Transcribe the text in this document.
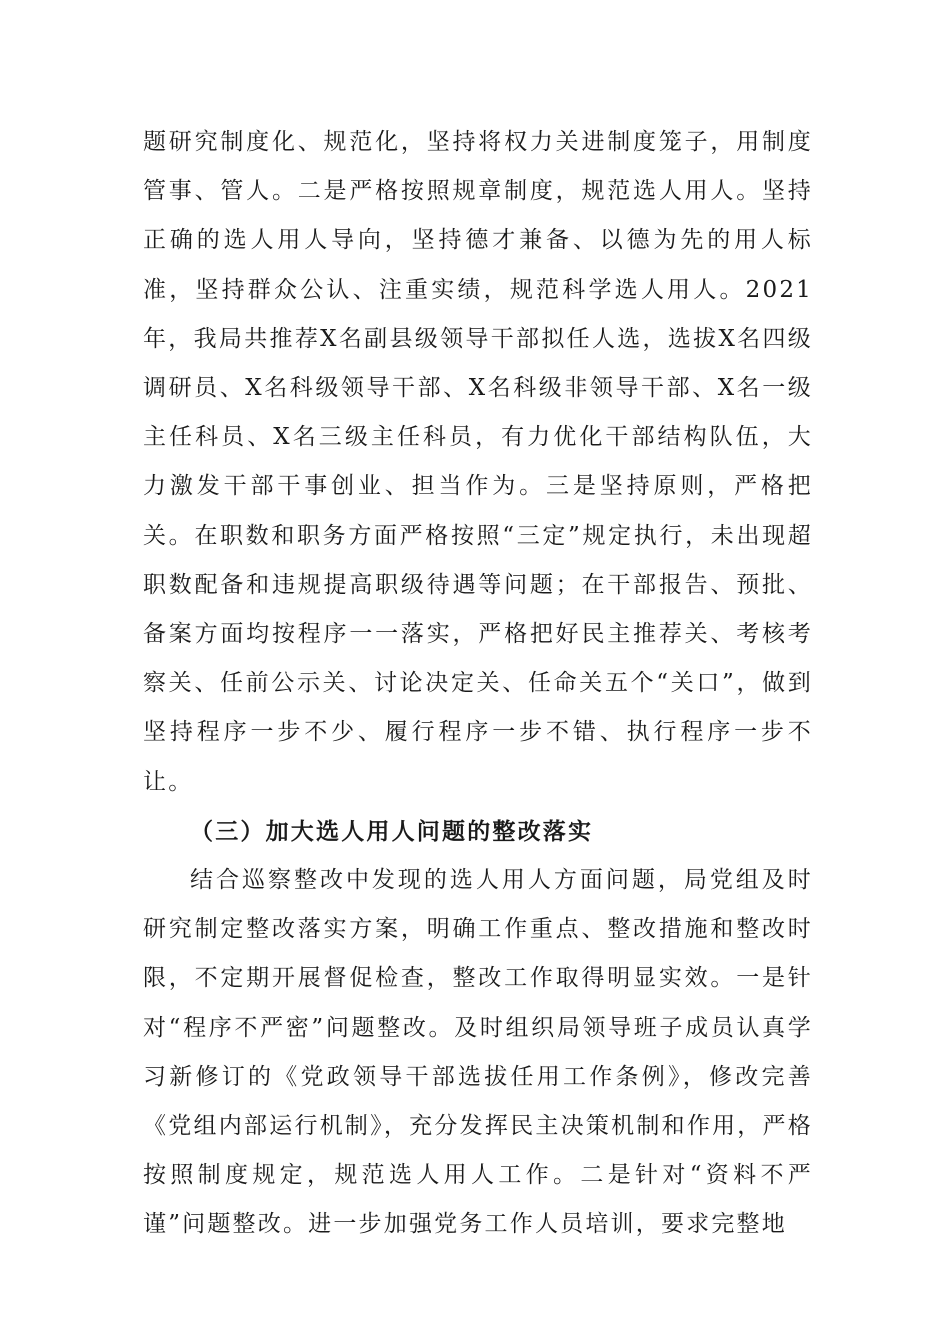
题研究制度化、规范化，坚持将权力关进制度笼子，用制度管事、管人。二是严格按照规章制度，规范选人用人。坚持正确的选人用人导向，坚持德才兼备、以德为先的用人标准，坚持群众公认、注重实绩，规范科学选人用人。2021年，我局共推荐X名副县级领导干部拟任人选，选拔X名四级调研员、X名科级领导干部、X名科级非领导干部、X名一级主任科员、X名三级主任科员，有力优化干部结构队伍，大力激发干部干事创业、担当作为。三是坚持原则，严格把关。在职数和职务方面严格按照“三定”规定执行，未出现超职数配备和违规提高职级待遇等问题；在干部报告、预批、备案方面均按程序一一落实，严格把好民主推荐关、考核考察关、任前公示关、讨论决定关、任命关五个“关口”，做到坚持程序一步不少、履行程序一步不错、执行程序一步不让。

（三）加大选人用人问题的整改落实

结合巡察整改中发现的选人用人方面问题，局党组及时研究制定整改落实方案，明确工作重点、整改措施和整改时限，不定期开展督促检查，整改工作取得明显实效。一是针对“程序不严密”问题整改。及时组织局领导班子成员认真学习新修订的《党政领导干部选拔任用工作条例》，修改完善《党组内部运行机制》，充分发挥民主决策机制和作用，严格按照制度规定，规范选人用人工作。二是针对“资料不严谨”问题整改。进一步加强党务工作人员培训，要求完整地
